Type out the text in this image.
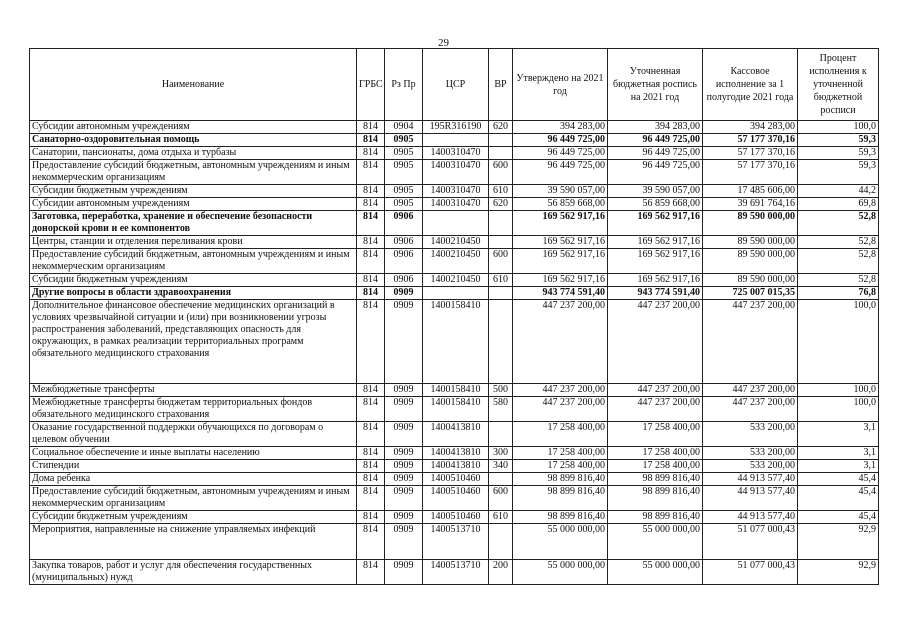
29
Наименование	ГРБС	Рз Пр	ЦСР	ВР	Утверждено на 2021 год	Уточненная бюджетная роспись на 2021 год	Кассовое исполнение за 1 полугодие 2021 года	Процент исполнения к уточненной бюджетной росписи
Субсидии автономным учреждениям	814	0904	195R316190	620	394 283,00	394 283,00	394 283,00	100,0
Санаторно-оздоровительная помощь	814	0905			96 449 725,00	96 449 725,00	57 177 370,16	59,3
Санатории, пансионаты, дома отдыха и турбазы	814	0905	1400310470		96 449 725,00	96 449 725,00	57 177 370,16	59,3
Предоставление субсидий бюджетным, автономным учреждениям и иным некоммерческим организациям	814	0905	1400310470	600	96 449 725,00	96 449 725,00	57 177 370,16	59,3
Субсидии бюджетным учреждениям	814	0905	1400310470	610	39 590 057,00	39 590 057,00	17 485 606,00	44,2
Субсидии автономным учреждениям	814	0905	1400310470	620	56 859 668,00	56 859 668,00	39 691 764,16	69,8
Заготовка, переработка, хранение и обеспечение безопасности донорской крови и ее компонентов	814	0906			169 562 917,16	169 562 917,16	89 590 000,00	52,8
Центры, станции и отделения переливания крови	814	0906	1400210450		169 562 917,16	169 562 917,16	89 590 000,00	52,8
Предоставление субсидий бюджетным, автономным учреждениям и иным некоммерческим организациям	814	0906	1400210450	600	169 562 917,16	169 562 917,16	89 590 000,00	52,8
Субсидии бюджетным учреждениям	814	0906	1400210450	610	169 562 917,16	169 562 917,16	89 590 000,00	52,8
Другие вопросы в области здравоохранения	814	0909			943 774 591,40	943 774 591,40	725 007 015,35	76,8
Дополнительное финансовое обеспечение медицинских организаций в условиях чрезвычайной ситуации и (или) при возникновении угрозы распространения заболеваний, представляющих опасность для окружающих, в рамках реализации территориальных программ обязательного медицинского страхования	814	0909	1400158410		447 237 200,00	447 237 200,00	447 237 200,00	100,0
Межбюджетные трансферты	814	0909	1400158410	500	447 237 200,00	447 237 200,00	447 237 200,00	100,0
Межбюджетные трансферты бюджетам территориальных фондов обязательного медицинского страхования	814	0909	1400158410	580	447 237 200,00	447 237 200,00	447 237 200,00	100,0
Оказание государственной поддержки обучающихся по договорам о целевом обучении	814	0909	1400413810		17 258 400,00	17 258 400,00	533 200,00	3,1
Социальное обеспечение и иные выплаты населению	814	0909	1400413810	300	17 258 400,00	17 258 400,00	533 200,00	3,1
Стипендии	814	0909	1400413810	340	17 258 400,00	17 258 400,00	533 200,00	3,1
Дома ребенка	814	0909	1400510460		98 899 816,40	98 899 816,40	44 913 577,40	45,4
Предоставление субсидий бюджетным, автономным учреждениям и иным некоммерческим организациям	814	0909	1400510460	600	98 899 816,40	98 899 816,40	44 913 577,40	45,4
Субсидии бюджетным учреждениям	814	0909	1400510460	610	98 899 816,40	98 899 816,40	44 913 577,40	45,4
Мероприятия, направленные на снижение управляемых инфекций	814	0909	1400513710		55 000 000,00	55 000 000,00	51 077 000,43	92,9
Закупка товаров, работ и услуг для обеспечения государственных (муниципальных) нужд	814	0909	1400513710	200	55 000 000,00	55 000 000,00	51 077 000,43	92,9
